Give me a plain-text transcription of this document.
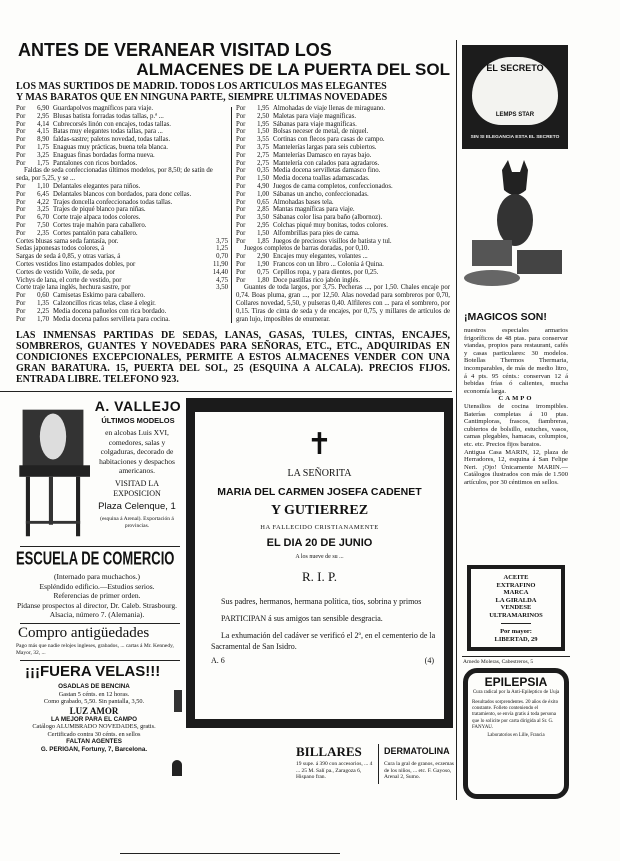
ANTES DE VERANEAR VISITAD LOS
ALMACENES DE LA PUERTA DEL SOL
LOS MAS SURTIDOS DE MADRID. TODOS LOS ARTICULOS MAS ELEGANTES
Y MAS BARATOS QUE EN NINGUNA PARTE, SIEMPRE ULTIMAS NOVEDADES
Por	6,90 Guardapolvos magníficos para viaje.
Por	2,95 Blusas batista forradas todas tallas, p.ª ...
Por	4,14 Cubrecorsés linón con encajes, todas tallas.
Por	4,15 Batas muy elegantes todas tallas, para ...
Por	8,90 faldas-sastre; paletos novedad, todas tallas.
Por	1,75 Enaguas muy prácticas, buena tela blanca.
Por	3,25 Enaguas finas bordadas forma nueva.
Por	1,75 Pantalones con ricos bordados.
Faldas de seda confeccionadas últimos modelos, por 8,50; de satín de seda, por 5,25, y se ...
Por	1,10 Delantales elegantes para niños.
Por	6,45 Delantales blancos con bordados, para donc cellas.
Por	4,22 Trajes doncella confeccionados todas tallas.
Por	3,25 Trajes de piqué blanco para niñas.
Por	6,70 Corte traje alpaca todos colores.
Por	7,50 Cortes traje mahón para caballero.
Por	2,35 Cortes pantalón para caballero.
Cortes blusas sama seda fantasía, por.	3,75
Sedas japonesas todos colores, á	1,25
Sargas de seda á 0,85, y otras varias, á	0,70
Cortes vestidos lino estampados dobles, por	11,90
Cortes de vestido Voile, de seda, por	14,40
Vichys de lana, el corte de vestido, por	4,75
Corte traje lana inglés, hechura sastre, por	3,50
Por	0,60 Camisetas Eskimo para caballero.
Por	1,35 Calzoncillos ricas telas, clase á elegir.
Por	2,25 Media docena pañuelos con rica bordado.
Por	1,70 Media docena paños servilleta para cocina.
Por	1,95 Almohadas de viaje llenas de miraguano.
Por	2,50 Maletas para viaje magníficas.
Por	1,95 Sábanas para viaje magníficas.
Por	1,50 Bolsas neceser de metal, de niquel.
Por	3,55 Cortinas con flecos para casas de campo.
Por	3,75 Mantelerías largas para seis cubiertos.
Por	2,75 Mantelerías Damasco en rayas bajo.
Por	2,75 Mantelería con calados para agradaros.
Por	0,35 Media docena servilletas damasco fino.
Por	1,50 Media docena toallas adamascadas.
Por	4,90 Juegos de cama completos, confeccionados.
Por	1,00 Sábanas un ancho, confeccionadas.
Por	0,65 Almohadas bases tela.
Por	2,85 Mantas magníficas para viaje.
Por	3,50 Sábanas color lisa para baño (albornoz).
Por	2,95 Colchas piqué muy bonitas, todos colores.
Por	1,50 Alfombrillas para pies de cama.
Por	1,85 Juegos de preciosos visillos de batista y tul.
Juegos completos de barras doradas, por 0,10.
Por	2,90 Encajes muy elegantes, volantes ...
Por	1,90 Francos con un libro ... Colonia á Quina.
Por	0,75 Cepillos ropa, y para dientes, por 0,25.
Por	1,80 Doce pastillas rico jabón inglés.
Guantes de toda largos, por 3,75. Pecheras ..., por 1,50. Chales encaje por 0,74. Boas pluma, gran ..., por 12,50. Alas novedad para sombreros por 0,70, Collares novedad, 5,50, y pulseras 0,40. Alfileres con ... para el sombrero, por 0,15. Tiras de cinta de seda y de encajes, por 0,75, y millares de artículos de gran lujo, imposibles de enumerar.
LAS INMENSAS PARTIDAS DE SEDAS, LANAS, GASAS, TULES, CINTAS, ENCAJES, SOMBREROS, GUANTES Y NOVEDADES PARA SEÑORAS, ETC., ETC., ADQUIRIDAS EN CONDICIONES EXCEPCIONALES, PERMITE A ESTOS ALMACENES VENDER CON UNA GRAN BARATURA. 15, PUERTA DEL SOL, 25 (ESQUINA A ALCALA). PRECIOS FIJOS. ENTRADA LIBRE. TELEFONO 923.
A. VALLEJO
ÚLTIMOS MODELOS
en alcobas Luis XVI, comedores, salas y colgaduras, decorado de habitaciones y despachos americanos.
VISITAD LA EXPOSICION
Plaza Celenque, 1
(esquina á Arenal). Exportación á provincias.
ESCUELA DE COMERCIO
(Internado para muchachos.)
Espléndido edificio.—Estudios serios.
Referencias de primer orden.
Pídanse prospectos al director, Dr. Caleb. Strasbourg. Alsacia, número 7. (Alemania).
Compro antigüedades
Pago más que nadie relojes ingleses, grabados, ... cartas á Mr. Kennedy, Mayor, 32, ...
¡¡¡FUERA VELAS!!!
OSADLAS DE BENCINA
Gastan 5 cénts. en 12 horas.
Como grabado, 5,50. Sin pantalla, 3,50.
LUZ AMOR
LA MEJOR PARA EL CAMPO
Catálogo ALUMBRADO NOVEDADES, gratis.
Certificado contra 30 cénts. en sellos
FALTAN AGENTES
G. PERIGAN, Fortuny, 7, Barcelona.
✝
LA SEÑORITA
MARIA DEL CARMEN JOSEFA CADENET
Y GUTIERREZ
HA FALLECIDO CRISTIANAMENTE
EL DIA 20 DE JUNIO
A los nueve de su ...
R. I. P.
Sus padres, hermanos, hermana política, tíos, sobrina y primos
PARTICIPAN á sus amigos tan sensible desgracia.
La exhumación del cadáver se verificó el 2º, en el cementerio de la Sacramental de San Isidro.
A. 6	(4)
BILLARES
19 supe. á 390 con accesorios, ... 4 ... 25 M. Salí pa., Zaragoza 6, Hispano fran.
DERMATOLINA
Cura la gral de granos, eczemas de los niños, ... etc. F. Gayoso, Arenal 2, Sumo.
EL SECRETO
LEMPS STAR
SIN SI ELEGANCIA ESTA EL SECRETO
¡MAGICOS SON!
nuestros especiales armarios frigoríficos de 48 ptas. para conservar viandas, propios para restaurant, cafés y casas particulares: 30 modelos. Botellas Thermos Thermaria, incomparables, de más de medio litro, á 4 pts. 95 cénts.: conservan 12 á bebidas frías ó calientes, mucha economía larga.
CAMPO
Utensilios de cocina irrompibles. Baterías completas á 10 ptas. Cantimploras, frascos, fiambreras, cubiertos de bolsillo, estuches, vasos, camas plegables, hamacas, columpios, etc. etc. Precios fijos baratos.
Antigua Casa MARIN, 12, plaza de Herradores, 12, esquina á San Felipe Neri. ¡Ojo! Únicamente MARIN.—Catálogos ilustrados con más de 1.500 artículos, por 30 céntimos en sellos.
ACEITE
EXTRAFINO
MARCA
LA GIRALDA
VENDESE
ULTRAMARINOS
Por mayor:
LIBERTAD, 29
Arnedo Moleras, Cabestreros, 5
EPILEPSIA
Cura radical por la Anti-Epileptico de Uuja
Resultados sorprendentes. 20 años de éxito constante. Folleto conteniendo el tratamiento, se envía gratis á toda persona que lo solicite por carta dirigida al Sr. G. FANYAU.
Laboratorios en Lille, Francia
